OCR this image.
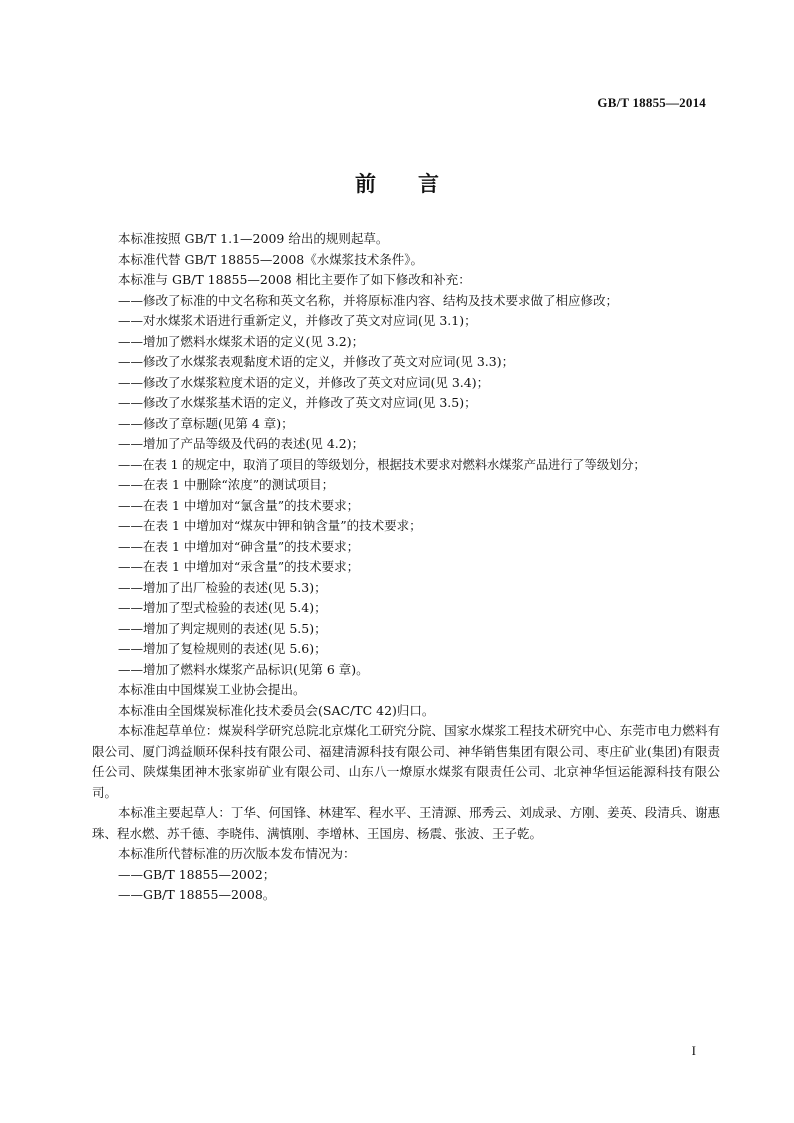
GB/T 18855—2014
前 言

本标准按照 GB/T 1.1—2009 给出的规则起草。

本标准代替 GB/T 18855—2008《水煤浆技术条件》。

本标准与 GB/T 18855—2008 相比主要作了如下修改和补充：

——修改了标准的中文名称和英文名称，并将原标准内容、结构及技术要求做了相应修改；

——对水煤浆术语进行重新定义，并修改了英文对应词(见 3.1)；

——增加了燃料水煤浆术语的定义(见 3.2)；

——修改了水煤浆表观黏度术语的定义，并修改了英文对应词(见 3.3)；

——修改了水煤浆粒度术语的定义，并修改了英文对应词(见 3.4)；

——修改了水煤浆基术语的定义，并修改了英文对应词(见 3.5)；

——修改了章标题(见第 4 章)；

——增加了产品等级及代码的表述(见 4.2)；

——在表 1 的规定中，取消了项目的等级划分，根据技术要求对燃料水煤浆产品进行了等级划分；

——在表 1 中删除“浓度”的测试项目；

——在表 1 中增加对“氯含量”的技术要求；

——在表 1 中增加对“煤灰中钾和钠含量”的技术要求；

——在表 1 中增加对“砷含量”的技术要求；

——在表 1 中增加对“汞含量”的技术要求；

——增加了出厂检验的表述(见 5.3)；

——增加了型式检验的表述(见 5.4)；

——增加了判定规则的表述(见 5.5)；

——增加了复检规则的表述(见 5.6)；

——增加了燃料水煤浆产品标识(见第 6 章)。

本标准由中国煤炭工业协会提出。

本标准由全国煤炭标准化技术委员会(SAC/TC 42)归口。

本标准起草单位：煤炭科学研究总院北京煤化工研究分院、国家水煤浆工程技术研究中心、东莞市电力燃料有限公司、厦门鸿益顺环保科技有限公司、福建清源科技有限公司、神华销售集团有限公司、枣庄矿业(集团)有限责任公司、陕煤集团神木张家峁矿业有限公司、山东八一燎原水煤浆有限责任公司、北京神华恒运能源科技有限公司。

本标准主要起草人：丁华、何国锋、林建军、程水平、王清源、邢秀云、刘成录、方刚、姜英、段清兵、谢惠珠、程水燃、苏千德、李晓伟、满慎刚、李增林、王国房、杨震、张波、王子乾。

本标准所代替标准的历次版本发布情况为：

——GB/T 18855—2002；

——GB/T 18855—2008。

I
